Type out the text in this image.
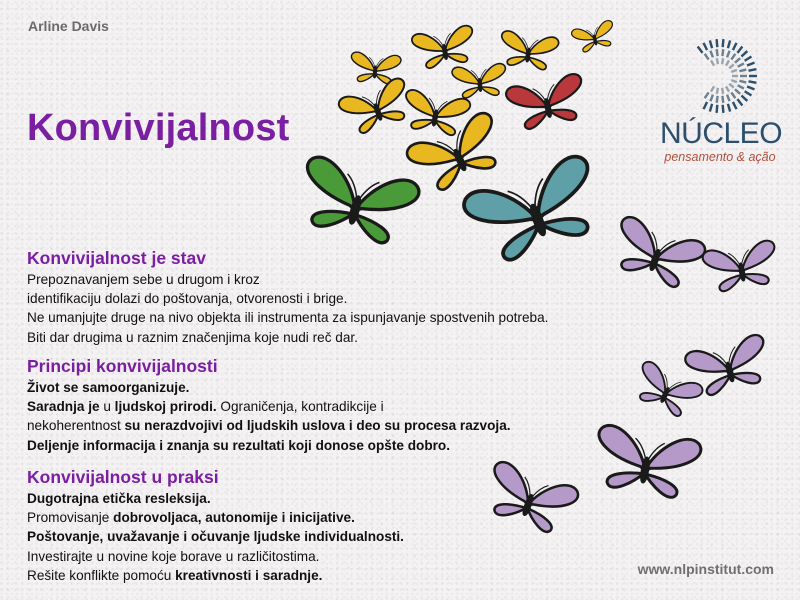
Arline Davis
NÚCLEO
pensamento & ação
Konvivijalnost
Konvivijalnost je stav
Prepoznavanjem sebe u drugom i kroz
identifikaciju dolazi do poštovanja, otvorenosti i brige.
Ne umanjujte druge na nivo objekta ili instrumenta za ispunjavanje spostvenih potreba.
Biti dar drugima u raznim značenjima koje nudi reč dar.
Principi konvivijalnosti
Život se samoorganizuje.
Saradnja je u ljudskoj prirodi. Ograničenja, kontradikcije i
nekoherentnost su nerazdvojivi od ljudskih uslova i deo su procesa razvoja.
Deljenje informacija i znanja su rezultati koji donose opšte dobro.
Konvivijalnost u praksi
Dugotrajna etička resleksija.
Promovisanje dobrovoljaca, autonomije i inicijative.
Poštovanje, uvažavanje i očuvanje ljudske individualnosti.
Investirajte u novine koje borave u različitostima.
Rešite konflikte pomoću kreativnosti i saradnje.	www.nlpinstitut.com
